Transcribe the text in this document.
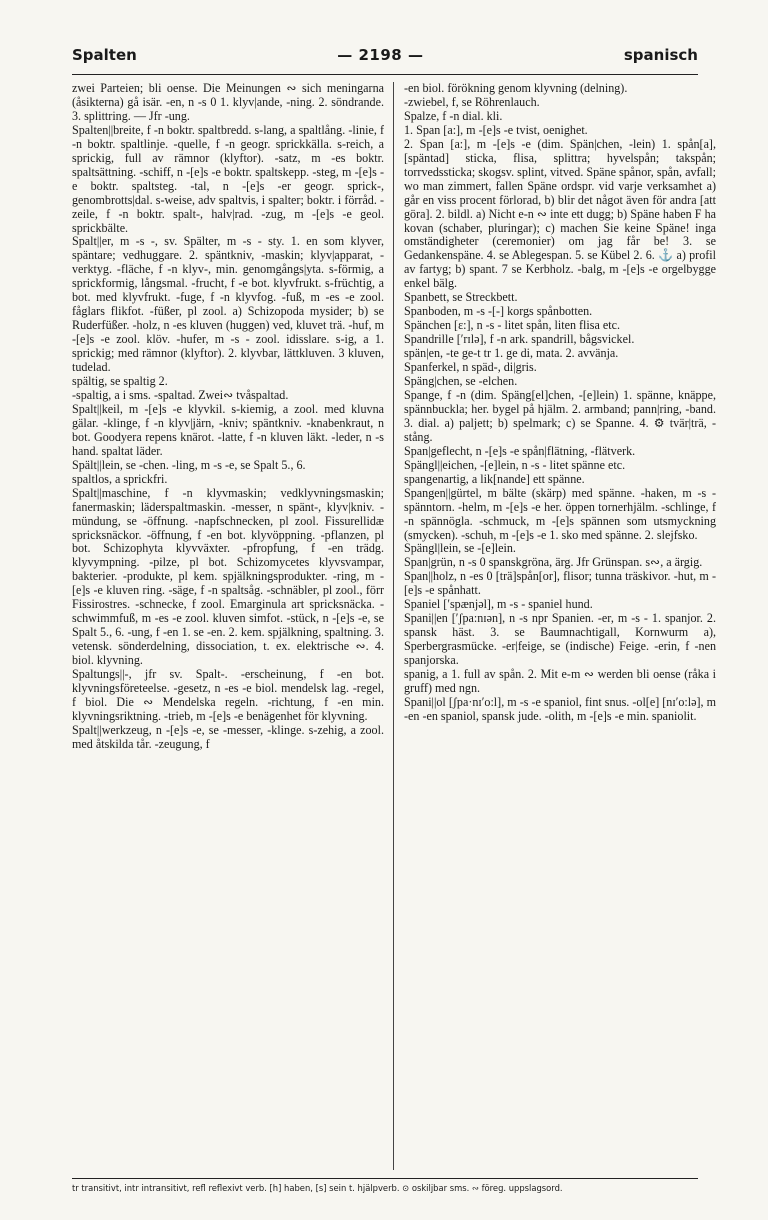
Spalten	— 2198 —	spanisch

zwei Parteien; bli oense. Die Meinungen ∾ sich meningarna (åsikterna) gå isär. -en, n -s 0 1. klyv|ande, -ning. 2. söndrande. 3. splittring. — Jfr -ung.

Spalten||breite, f -n boktr. spaltbredd. s-lang, a spaltlång. -linie, f -n boktr. spaltlinje. -quelle, f -n geogr. sprickkälla. s-reich, a sprickig, full av rämnor (klyftor). -satz, m -es boktr. spaltsättning. -schiff, n -[e]s -e boktr. spaltskepp. -steg, m -[e]s -e boktr. spaltsteg. -tal, n -[e]s -er geogr. sprick-, genombrotts|dal. s-weise, adv spaltvis, i spalter; boktr. i förråd. -zeile, f -n boktr. spalt-, halv|rad. -zug, m -[e]s -e geol. sprickbälte.

Spalt||er, m -s -, sv. Spälter, m -s - sty. 1. en som klyver, späntare; vedhuggare. 2. späntkniv, -maskin; klyv|apparat, -verktyg. -fläche, f -n klyv-, min. genomgångs|yta. s-förmig, a sprickformig, långsmal. -frucht, f -e bot. klyvfrukt. s-früchtig, a bot. med klyvfrukt. -fuge, f -n klyvfog. -fuß, m -es -e zool. fåglars flikfot. -füßer, pl zool. a) Schizopoda mysider; b) se Ruderfüßer. -holz, n -es kluven (huggen) ved, kluvet trä. -huf, m -[e]s -e zool. klöv. -hufer, m -s - zool. idisslare. s-ig, a 1. sprickig; med rämnor (klyftor). 2. klyvbar, lättkluven. 3 kluven, tudelad.

spältig, se spaltig 2.

-spaltig, a i sms. -spaltad. Zwei∾ tvåspaltad.

Spalt||keil, m -[e]s -e klyvkil. s-kiemig, a zool. med kluvna gälar. -klinge, f -n klyv|järn, -kniv; späntkniv. -knabenkraut, n bot. Goodyera repens knärot. -latte, f -n kluven läkt. -leder, n -s hand. spaltat läder.

Spält||lein, se -chen. -ling, m -s -e, se Spalt 5., 6.

spaltlos, a sprickfri.

Spalt||maschine, f -n klyvmaskin; vedklyvningsmaskin; fanermaskin; läderspaltmaskin. -messer, n spänt-, klyv|kniv. -mündung, se -öffnung. -napfschnecken, pl zool. Fissurellidæ spricksnäckor. -öffnung, f -en bot. klyvöppning. -pflanzen, pl bot. Schizophyta klyvväxter. -pfropfung, f -en trädg. klyvympning. -pilze, pl bot. Schizomycetes klyvsvampar, bakterier. -produkte, pl kem. spjälkningsprodukter. -ring, m -[e]s -e kluven ring. -säge, f -n spaltsåg. -schnäbler, pl zool., förr Fissirostres. -schnecke, f zool. Emarginula art spricksnäcka. -schwimmfuß, m -es -e zool. kluven simfot. -stück, n -[e]s -e, se Spalt 5., 6. -ung, f -en 1. se -en. 2. kem. spjälkning, spaltning. 3. vetensk. sönderdelning, dissociation, t. ex. elektrische ∾. 4. biol. klyvning.

Spaltungs||-, jfr sv. Spalt-. -erscheinung, f -en bot. klyvningsföreteelse. -gesetz, n -es -e biol. mendelsk lag. -regel, f biol. Die ∾ Mendelska regeln. -richtung, f -en min. klyvningsriktning. -trieb, m -[e]s -e benägenhet för klyvning.

Spalt||werkzeug, n -[e]s -e, se -messer, -klinge. s-zehig, a zool. med åtskilda tår. -zeugung, f

-en biol. förökning genom klyvning (delning).

-zwiebel, f, se Röhrenlauch.

Spalze, f -n dial. kli.

1. Span [a:], m -[e]s -e tvist, oenighet.

2. Span [a:], m -[e]s -e (dim. Spän|chen, -lein) 1. spån[a], [späntad] sticka, flisa, splittra; hyvelspån; takspån; torrvedssticka; skogsv. splint, vitved. Späne spånor, spån, avfall; wo man zimmert, fallen Späne ordspr. vid varje verksamhet a) går en viss procent förlorad, b) blir det något även för andra [att göra]. 2. bildl. a) Nicht e-n ∾ inte ett dugg; b) Späne haben F ha kovan (schaber, pluringar); c) machen Sie keine Späne! inga omständigheter (ceremonier) om jag får be! 3. se Gedankenspäne. 4. se Ablegespan. 5. se Kübel 2. 6. ⚓ a) profil av fartyg; b) spant. 7 se Kerbholz. -balg, m -[e]s -e orgelbygge enkel bälg.

Spanbett, se Streckbett.

Spanboden, m -s -[-] korgs spånbotten.

Spänchen [ɛ:], n -s - litet spån, liten flisa etc.

Spandrille [ʹrɪlə], f -n ark. spandrill, bågsvickel.

spän|en, -te ge-t tr 1. ge di, mata. 2. avvänja.

Spanferkel, n späd-, di|gris.

Späng|chen, se -elchen.

Spange, f -n (dim. Späng[el]chen, -[e]lein) 1. spänne, knäppe, spännbuckla; her. bygel på hjälm. 2. armband; pann|ring, -band. 3. dial. a) paljett; b) spelmark; c) se Spanne. 4. ⚙ tvär|trä, -stång.

Span|geflecht, n -[e]s -e spån|flätning, -flätverk.

Spängl||eichen, -[e]lein, n -s - litet spänne etc.

spangenartig, a lik[nande] ett spänne.

Spangen||gürtel, m bälte (skärp) med spänne. -haken, m -s - spänntorn. -helm, m -[e]s -e her. öppen tornerhjälm. -schlinge, f -n spännögla. -schmuck, m -[e]s spännen som utsmyckning (smycken). -schuh, m -[e]s -e 1. sko med spänne. 2. slejfsko.

Spängl|lein, se -[e]lein.

Span|grün, n -s 0 spanskgröna, ärg. Jfr Grünspan. s∾, a ärgig.

Span||holz, n -es 0 [trä]spån[or], flisor; tunna träskivor. -hut, m -[e]s -e spånhatt.

Spaniel [ʹspænjəl], m -s - spaniel hund.

Spani||en [ʹʃpa:nɪən], n -s npr Spanien. -er, m -s - 1. spanjor. 2. spansk häst. 3. se Baumnachtigall, Kornwurm a), Sperbergrasmücke. -er|feige, se (indische) Feige. -erin, f -nen spanjorska.

spanig, a 1. full av spån. 2. Mit e-m ∾ werden bli oense (råka i gruff) med ngn.

Spani||ol [ʃpa·nɪʹo:l], m -s -e spaniol, fint snus. -ol[e] [nɪʹo:lə], m -en -en spaniol, spansk jude. -olith, m -[e]s -e min. spaniolit.

tr transitivt, intr intransitivt, refl reflexivt verb. [h] haben, [s] sein t. hjälpverb. ⊙ oskiljbar sms. ∾ föreg. uppslagsord.
